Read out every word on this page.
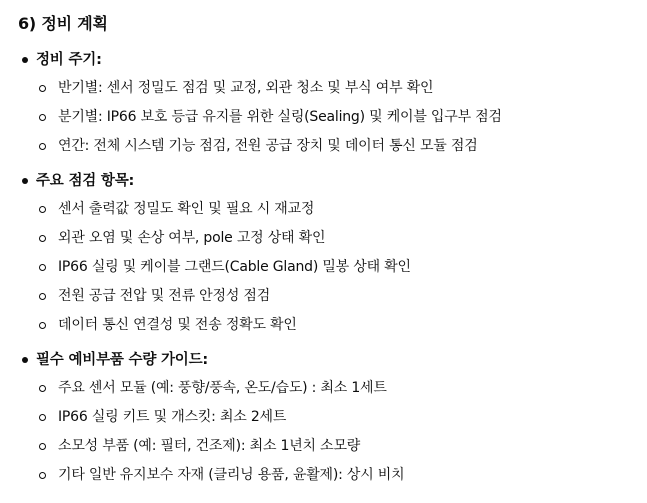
6) 정비 계획
정비 주기:
반기별: 센서 정밀도 점검 및 교정, 외관 청소 및 부식 여부 확인
분기별: IP66 보호 등급 유지를 위한 실링(Sealing) 및 케이블 입구부 점검
연간: 전체 시스템 기능 점검, 전원 공급 장치 및 데이터 통신 모듈 점검
주요 점검 항목:
센서 출력값 정밀도 확인 및 필요 시 재교정
외관 오염 및 손상 여부, pole 고정 상태 확인
IP66 실링 및 케이블 그랜드(Cable Gland) 밀봉 상태 확인
전원 공급 전압 및 전류 안정성 점검
데이터 통신 연결성 및 전송 정확도 확인
필수 예비부품 수량 가이드:
주요 센서 모듈 (예: 풍향/풍속, 온도/습도) : 최소 1세트
IP66 실링 키트 및 개스킷: 최소 2세트
소모성 부품 (예: 필터, 건조제): 최소 1년치 소모량
기타 일반 유지보수 자재 (클리닝 용품, 윤활제): 상시 비치
